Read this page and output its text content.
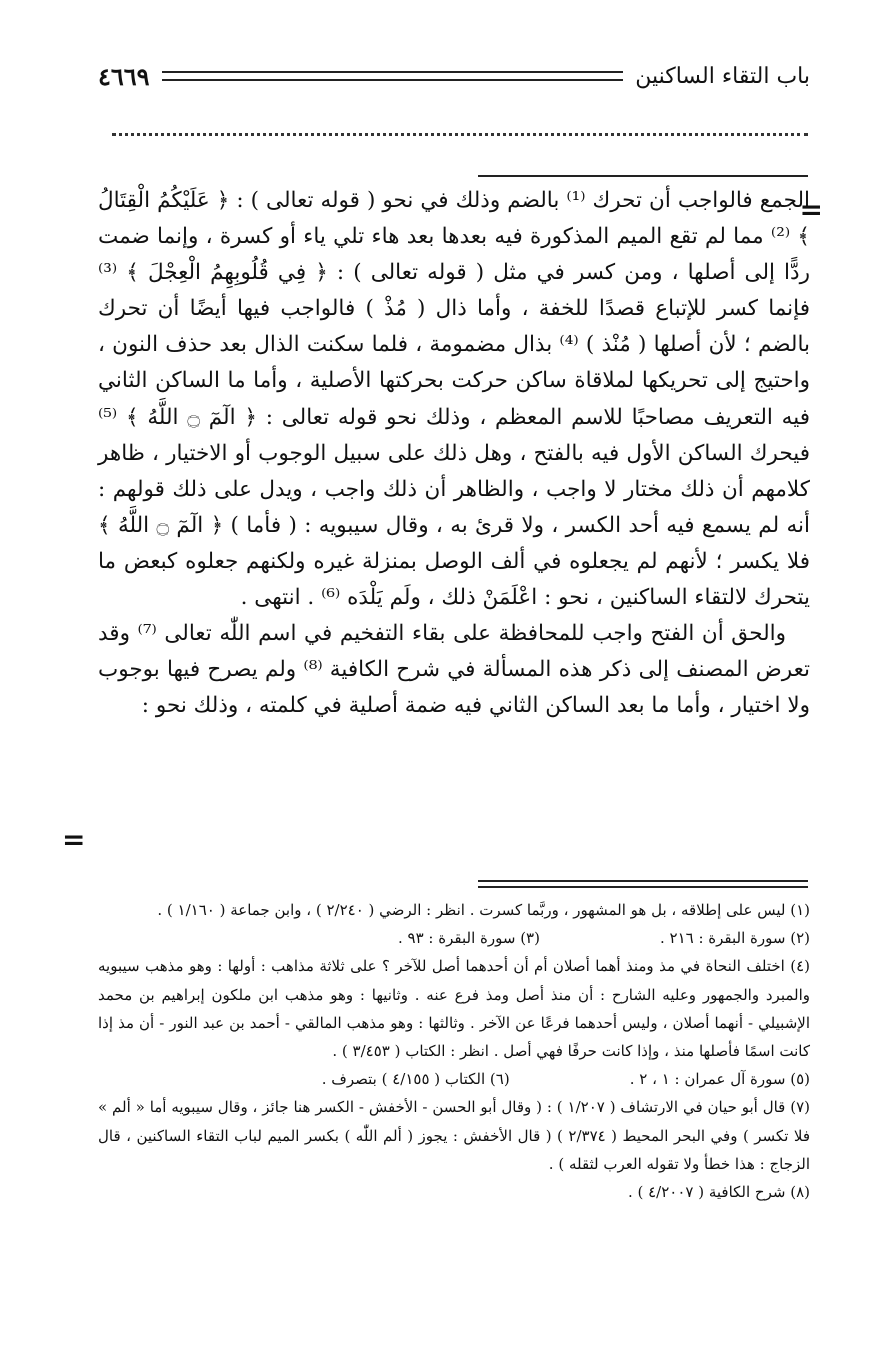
باب التقاء الساكنين
٤٦٦٩
=

الجمع فالواجب أن تحرك ⁽¹⁾ بالضم وذلك في نحو ( قوله تعالى ) : ﴿ عَلَيْكُمُ الْقِتَالُ ﴾ ⁽²⁾ مما لم تقع الميم المذكورة فيه بعدها بعد هاء تلي ياء أو كسرة ، وإنما ضمت ردًّا إلى أصلها ، ومن كسر في مثل ( قوله تعالى ) : ﴿ فِي قُلُوبِهِمُ الْعِجْلَ ﴾ ⁽³⁾ فإنما كسر للإتباع قصدًا للخفة ، وأما ذال ( مُذْ ) فالواجب فيها أيضًا أن تحرك بالضم ؛ لأن أصلها ( مُنْذ ) ⁽⁴⁾ بذال مضمومة ، فلما سكنت الذال بعد حذف النون ، واحتيج إلى تحريكها لملاقاة ساكن حركت بحركتها الأصلية ، وأما ما الساكن الثاني فيه التعريف مصاحبًا للاسم المعظم ، وذلك نحو قوله تعالى : ﴿ الٓمٓ ۝ اللَّهُ ﴾ ⁽⁵⁾ فيحرك الساكن الأول فيه بالفتح ، وهل ذلك على سبيل الوجوب أو الاختيار ، ظاهر كلامهم أن ذلك مختار لا واجب ، والظاهر أن ذلك واجب ، ويدل على ذلك قولهم : أنه لم يسمع فيه أحد الكسر ، ولا قرئ به ، وقال سيبويه : ( فأما ) ﴿ الٓمٓ ۝ اللَّهُ ﴾ فلا يكسر ؛ لأنهم لم يجعلوه في ألف الوصل بمنزلة غيره ولكنهم جعلوه كبعض ما يتحرك لالتقاء الساكنين ، نحو : اعْلَمَنْ ذلك ، ولَم يَلْدَه ⁽⁶⁾ . انتهى .

والحق أن الفتح واجب للمحافظة على بقاء التفخيم في اسم اللّٰه تعالى ⁽⁷⁾ وقد تعرض المصنف إلى ذكر هذه المسألة في شرح الكافية ⁽⁸⁾ ولم يصرح فيها بوجوب ولا اختيار ، وأما ما بعد الساكن الثاني فيه ضمة أصلية في كلمته ، وذلك نحو :

=

(١) ليس على إطلاقه ، بل هو المشهور ، وربَّما كسرت . انظر : الرضي ( ٢/٢٤٠ ) ، وابن جماعة ( ١/١٦٠ ) .

(٢) سورة البقرة : ٢١٦ .
(٣) سورة البقرة : ٩٣ .

(٤) اختلف النحاة في مذ ومنذ أهما أصلان أم أن أحدهما أصل للآخر ؟ على ثلاثة مذاهب : أولها : وهو مذهب سيبويه والمبرد والجمهور وعليه الشارح : أن منذ أصل ومذ فرع عنه . وثانيها : وهو مذهب ابن ملكون إبراهيم بن محمد الإشبيلي - أنهما أصلان ، وليس أحدهما فرعًا عن الآخر . وثالثها : وهو مذهب المالقي - أحمد بن عبد النور - أن مذ إذا كانت اسمًا فأصلها منذ ، وإذا كانت حرفًا فهي أصل . انظر : الكتاب ( ٣/٤٥٣ ) .

(٥) سورة آل عمران : ١ ، ٢ .
(٦) الكتاب ( ٤/١٥٥ ) بتصرف .

(٧) قال أبو حيان في الارتشاف ( ١/٢٠٧ ) : ( وقال أبو الحسن - الأخفش - الكسر هنا جائز ، وقال سيبويه أما « ألم » فلا تكسر ) وفي البحر المحيط ( ٢/٣٧٤ ) ( قال الأخفش : يجوز ( ألم اللّٰه ) بكسر الميم لباب التقاء الساكنين ، قال الزجاج : هذا خطأ ولا تقوله العرب لثقله ) .

(٨) شرح الكافية ( ٤/٢٠٠٧ ) .
